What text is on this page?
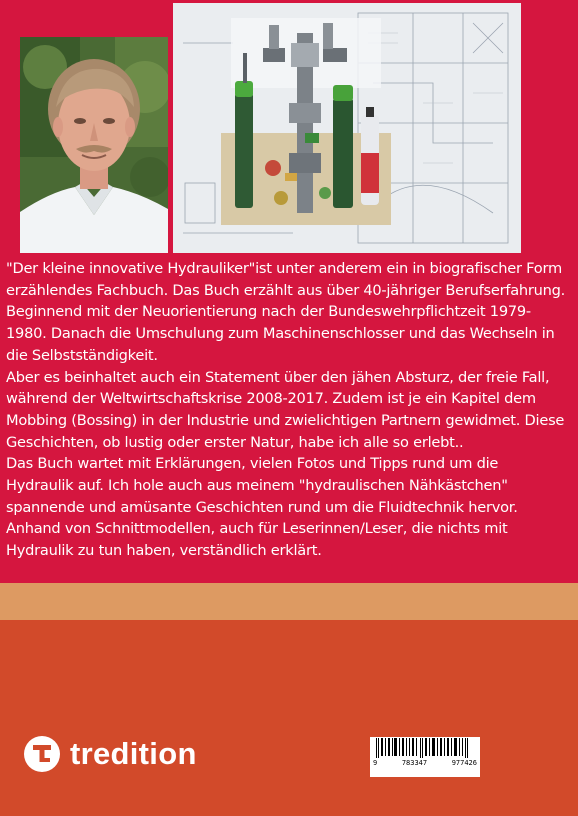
"Der kleine innovative Hydrauliker"ist unter anderem ein in biografischer Form erzählendes Fachbuch. Das Buch erzählt aus über 40-jähriger Berufserfahrung. Beginnend mit der Neuorientierung nach der Bundeswehrpflichtzeit 1979-1980. Danach die Umschulung zum Maschinenschlosser und das Wechseln in die Selbstständigkeit.

Aber es beinhaltet auch ein Statement über den jähen Absturz, der freie Fall, während der Weltwirtschaftskrise 2008-2017. Zudem ist je ein Kapitel dem Mobbing (Bossing) in der Industrie und zwielichtigen Partnern gewidmet. Diese Geschichten, ob lustig oder erster Natur, habe ich alle so erlebt..

Das Buch wartet mit Erklärungen, vielen Fotos und Tipps rund um die Hydraulik auf. Ich hole auch aus meinem "hydraulischen Nähkästchen" spannende und amüsante Geschichten rund um die Fluidtechnik hervor. Anhand von Schnittmodellen, auch für Leserinnen/Leser, die nichts mit Hydraulik zu tun haben, verständlich erklärt.

tredition	9	783347	977426
